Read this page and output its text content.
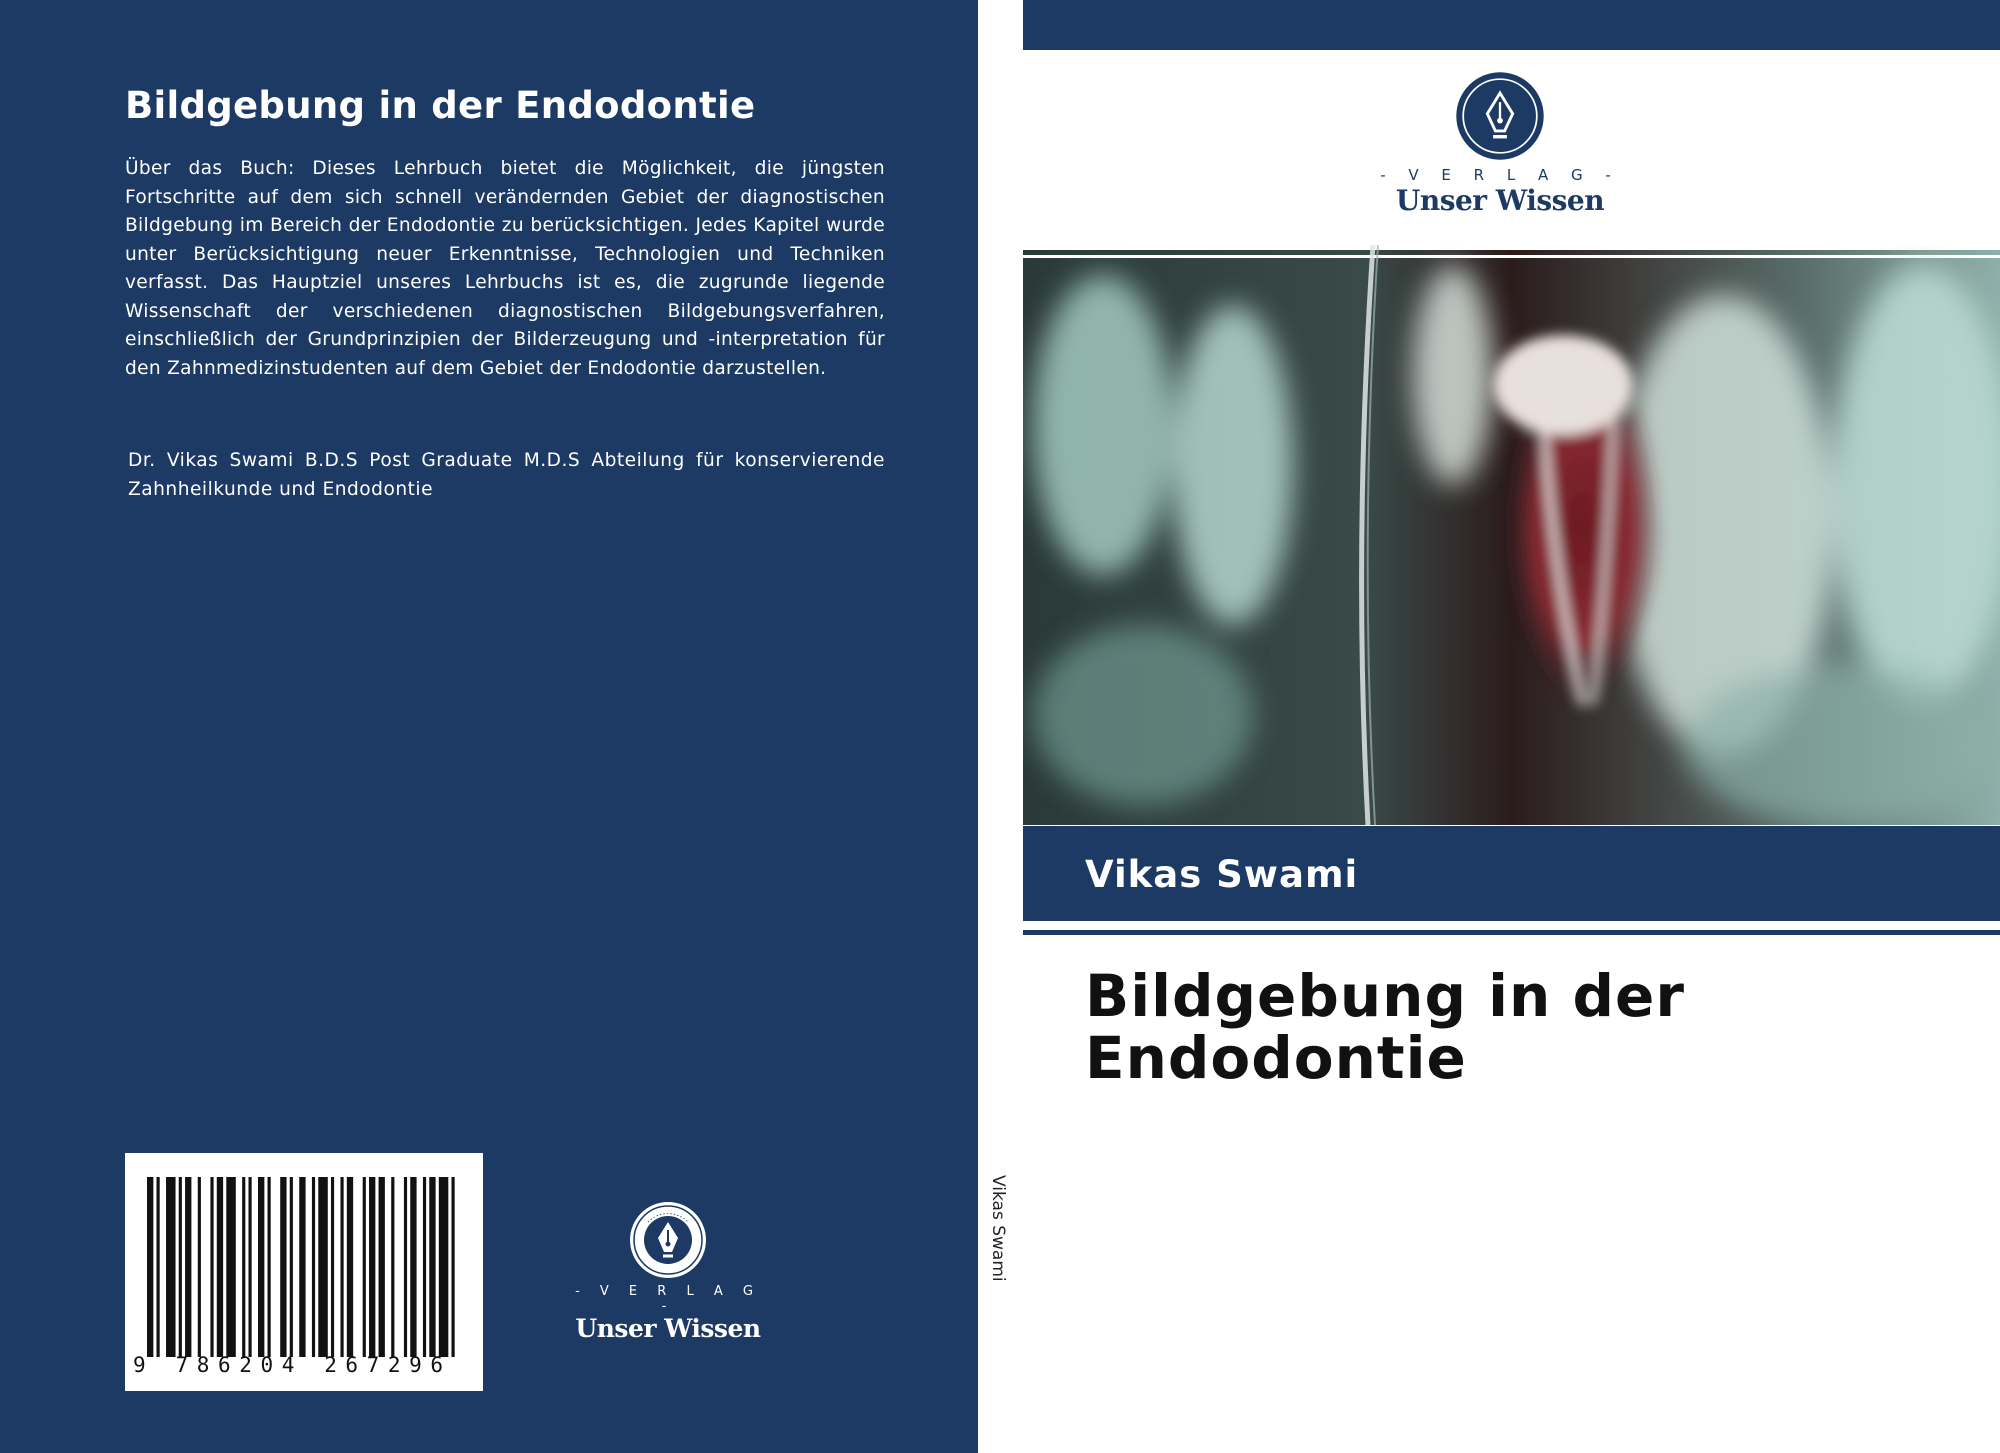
Bildgebung in der Endodontie

Über das Buch: Dieses Lehrbuch bietet die Möglichkeit, die jüngsten Fortschritte auf dem sich schnell verändernden Gebiet der diagnostischen Bildgebung im Bereich der Endodontie zu berücksichtigen. Jedes Kapitel wurde unter Berücksichtigung neuer Erkenntnisse, Technologien und Techniken verfasst. Das Hauptziel unseres Lehrbuchs ist es, die zugrunde liegende Wissenschaft der verschiedenen diagnostischen Bildgebungsverfahren, einschließlich der Grundprinzipien der Bilderzeugung und -interpretation für den Zahnmedizinstudenten auf dem Gebiet der Endodontie darzustellen.

Dr. Vikas Swami B.D.S Post Graduate M.D.S Abteilung für konservierende Zahnheilkunde und Endodontie

9 786204 267296
- V E R L A G -
Unser Wissen
Vikas Swami
- V E R L A G -
Unser Wissen
Vikas Swami
Bildgebung in der
Endodontie
